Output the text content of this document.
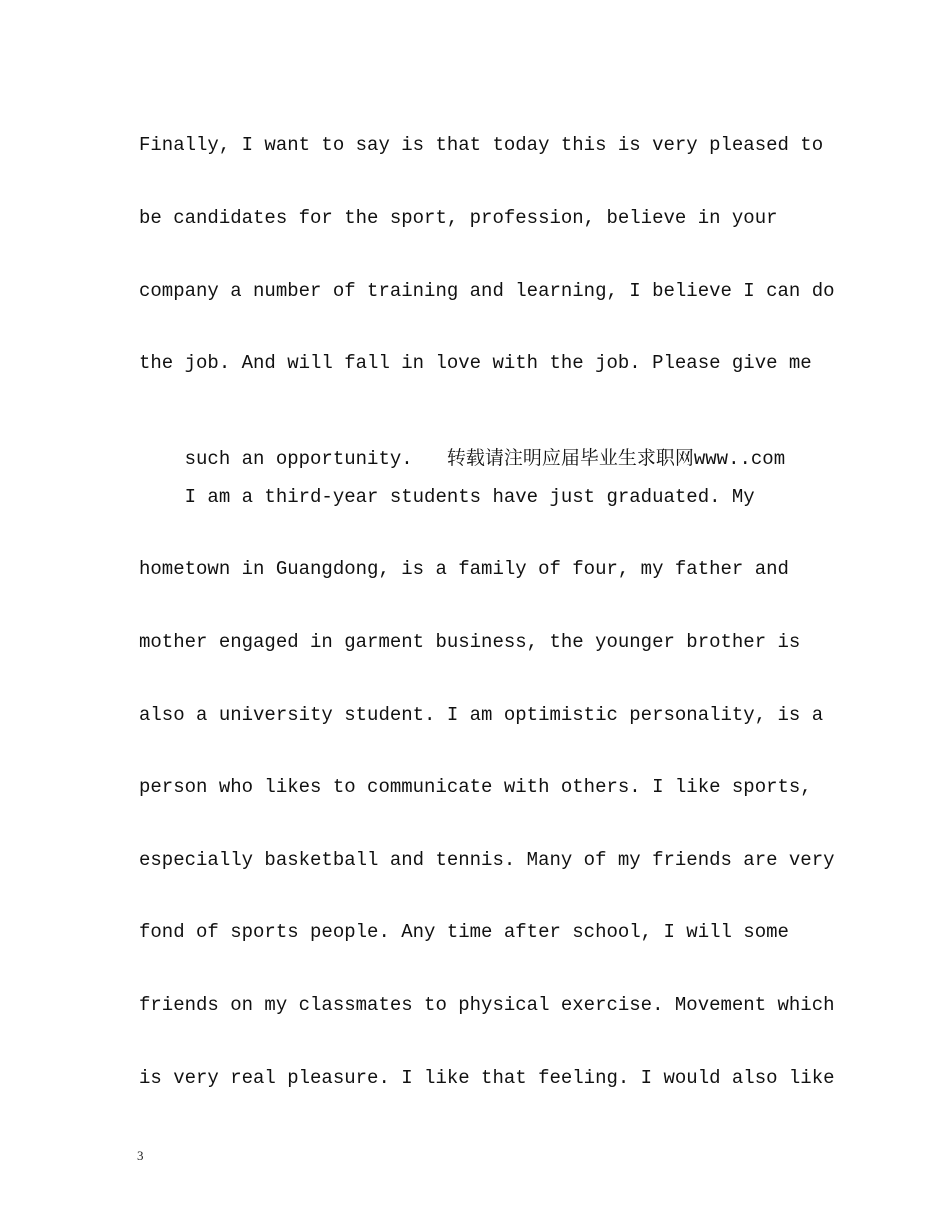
Finally, I want to say is that today this is very pleased to
be candidates for the sport, profession, believe in your
company a number of training and learning, I believe I can do
the job. And will fall in love with the job. Please give me

such an opportunity.   转载请注明应届毕业生求职网www..com

I am a third-year students have just graduated. My
hometown in Guangdong, is a family of four, my father and
mother engaged in garment business, the younger brother is
also a university student. I am optimistic personality, is a
person who likes to communicate with others. I like sports,
especially basketball and tennis. Many of my friends are very
fond of sports people. Any time after school, I will some
friends on my classmates to physical exercise. Movement which
is very real pleasure. I like that feeling. I would also like
3
